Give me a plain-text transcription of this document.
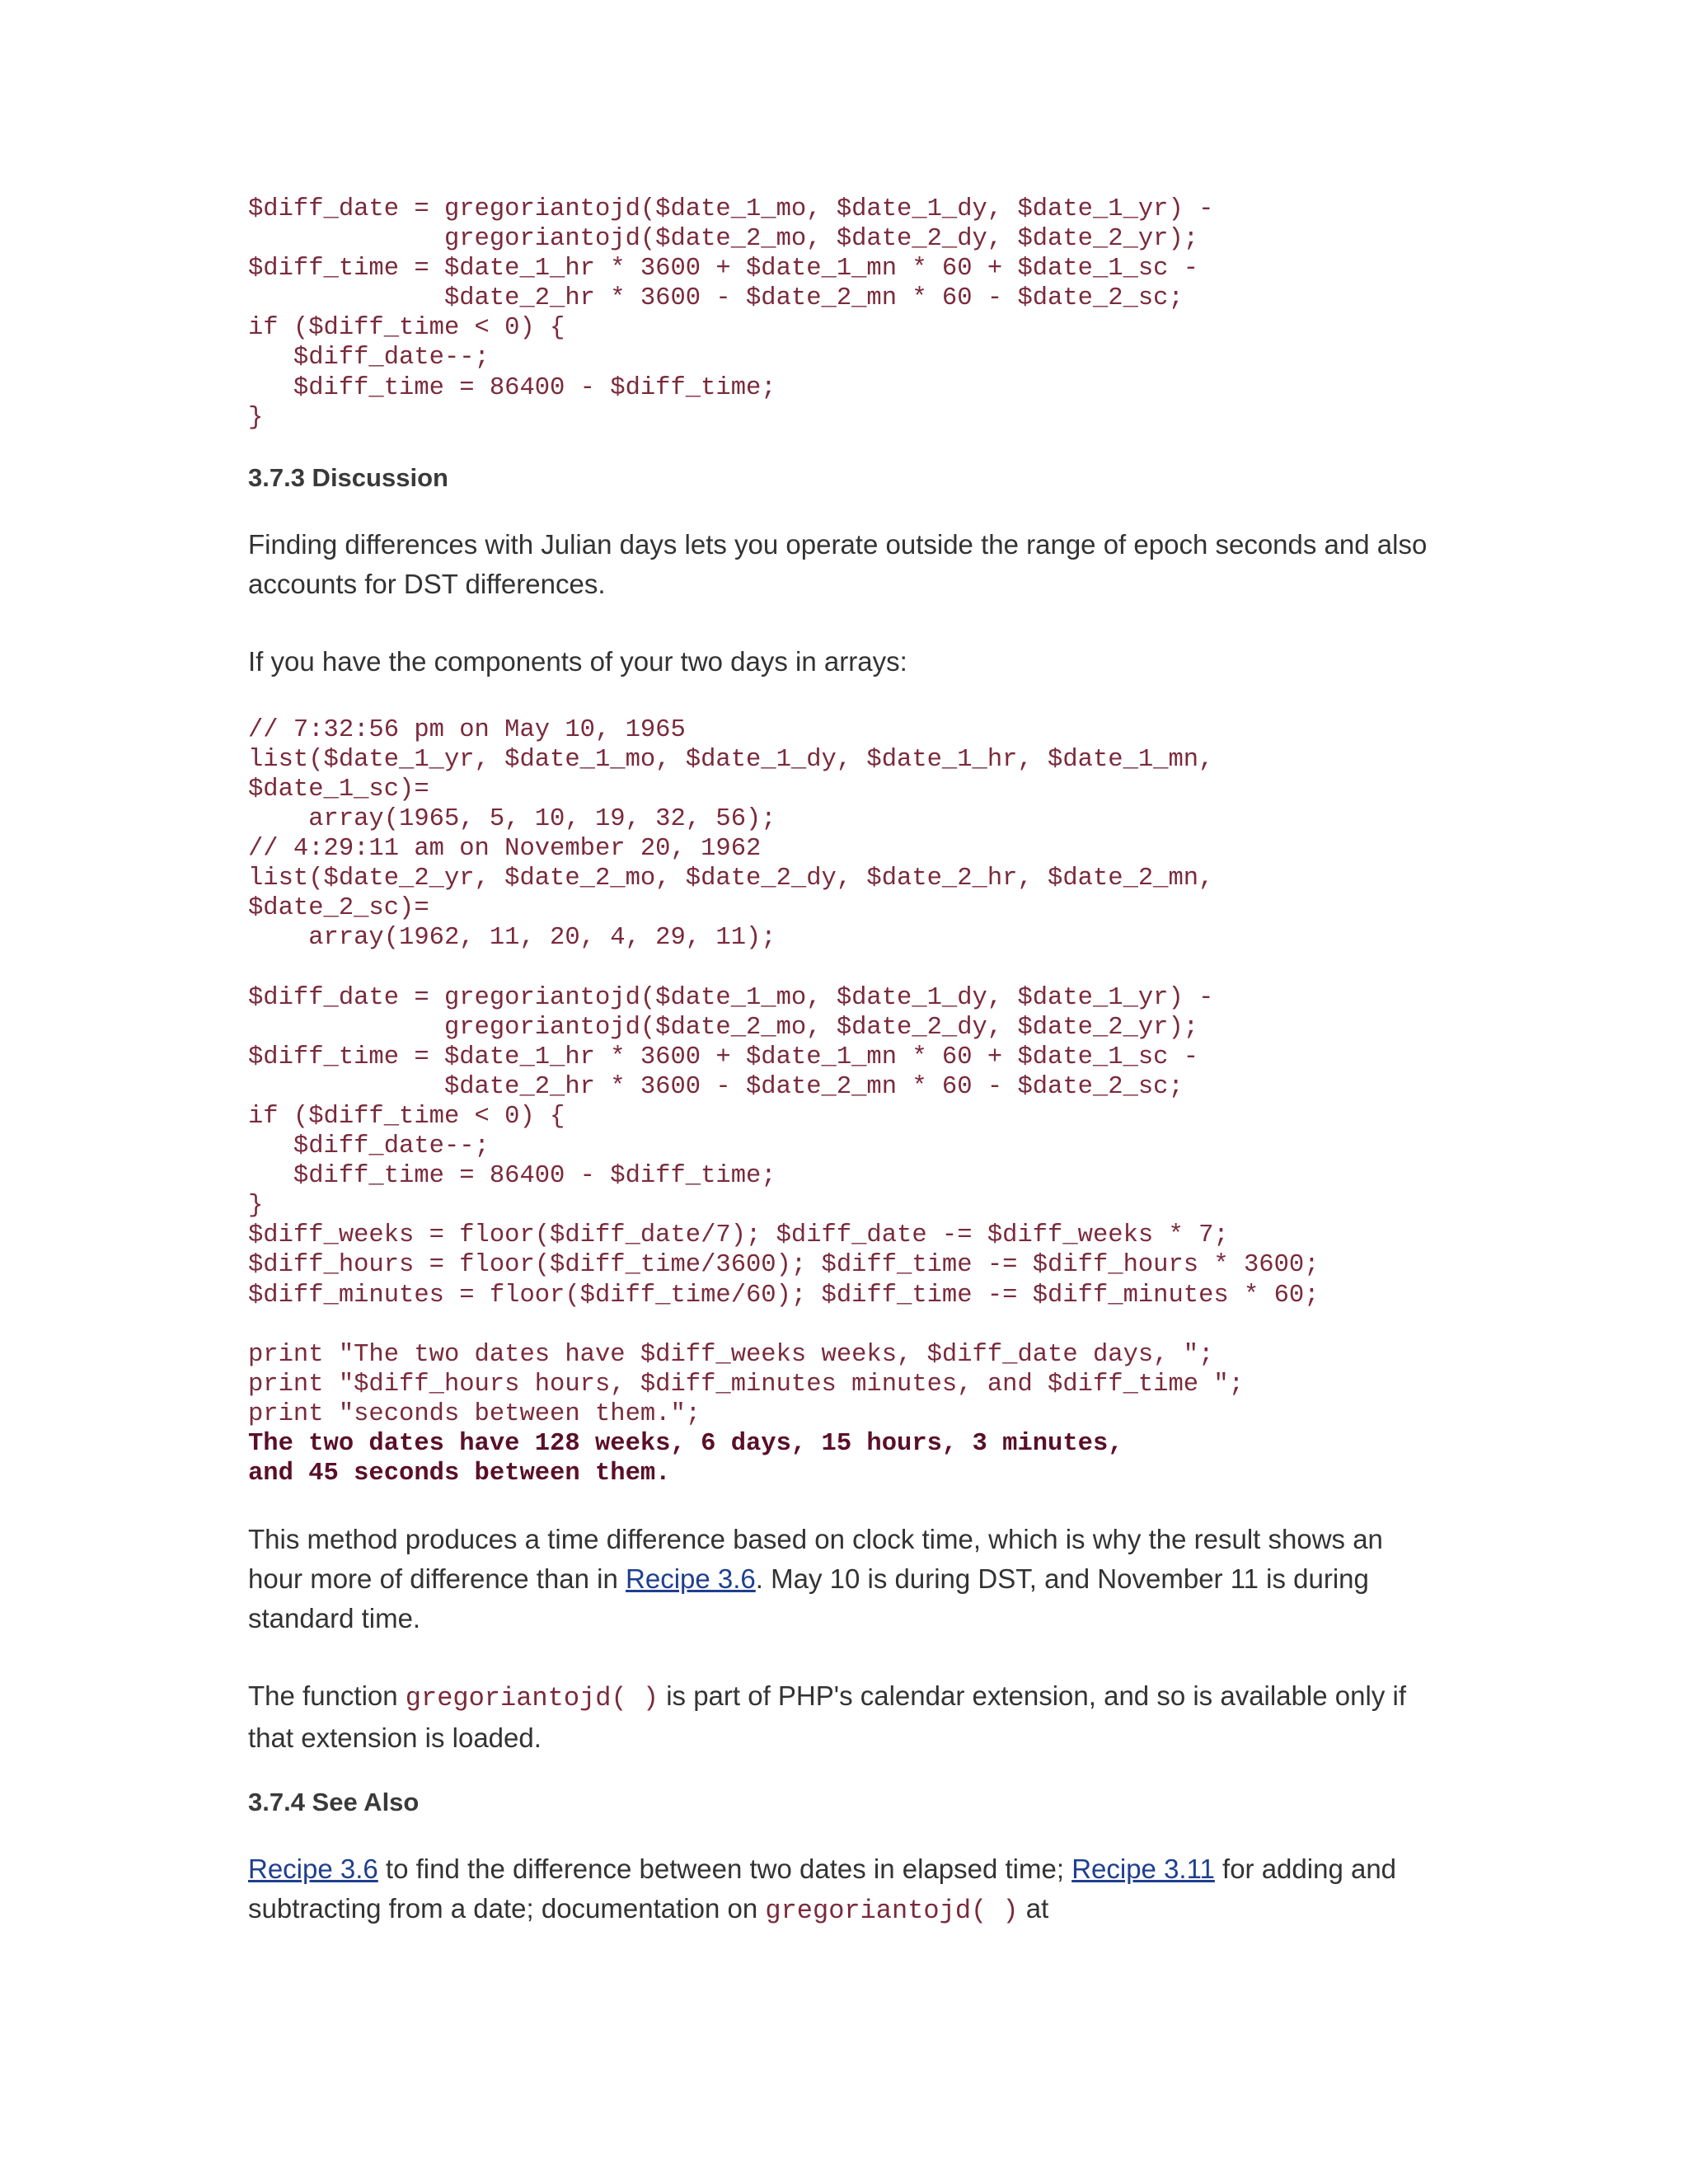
$diff_date = gregoriantojd($date_1_mo, $date_1_dy, $date_1_yr) -
gregoriantojd($date_2_mo, $date_2_dy, $date_2_yr);
$diff_time = $date_1_hr * 3600 + $date_1_mn * 60 + $date_1_sc -
$date_2_hr * 3600 - $date_2_mn * 60 - $date_2_sc;
if ($diff_time < 0) {
$diff_date--;
$diff_time = 86400 - $diff_time;
}
3.7.3 Discussion

Finding differences with Julian days lets you operate outside the range of epoch seconds and also accounts for DST differences.

If you have the components of your two days in arrays:

// 7:32:56 pm on May 10, 1965
list($date_1_yr, $date_1_mo, $date_1_dy, $date_1_hr, $date_1_mn,
$date_1_sc)=
array(1965, 5, 10, 19, 32, 56);
// 4:29:11 am on November 20, 1962
list($date_2_yr, $date_2_mo, $date_2_dy, $date_2_hr, $date_2_mn,
$date_2_sc)=
array(1962, 11, 20, 4, 29, 11);

$diff_date = gregoriantojd($date_1_mo, $date_1_dy, $date_1_yr) -
gregoriantojd($date_2_mo, $date_2_dy, $date_2_yr);
$diff_time = $date_1_hr * 3600 + $date_1_mn * 60 + $date_1_sc -
$date_2_hr * 3600 - $date_2_mn * 60 - $date_2_sc;
if ($diff_time < 0) {
$diff_date--;
$diff_time = 86400 - $diff_time;
}
$diff_weeks = floor($diff_date/7); $diff_date -= $diff_weeks * 7;
$diff_hours = floor($diff_time/3600); $diff_time -= $diff_hours * 3600;
$diff_minutes = floor($diff_time/60); $diff_time -= $diff_minutes * 60;

print "The two dates have $diff_weeks weeks, $diff_date days, ";
print "$diff_hours hours, $diff_minutes minutes, and $diff_time ";
print "seconds between them.";
The two dates have 128 weeks, 6 days, 15 hours, 3 minutes,
and 45 seconds between them.

This method produces a time difference based on clock time, which is why the result shows an hour more of difference than in Recipe 3.6. May 10 is during DST, and November 11 is during standard time.

The function gregoriantojd( ) is part of PHP's calendar extension, and so is available only if that extension is loaded.

3.7.4 See Also

Recipe 3.6 to find the difference between two dates in elapsed time; Recipe 3.11 for adding and subtracting from a date; documentation on gregoriantojd( ) at
